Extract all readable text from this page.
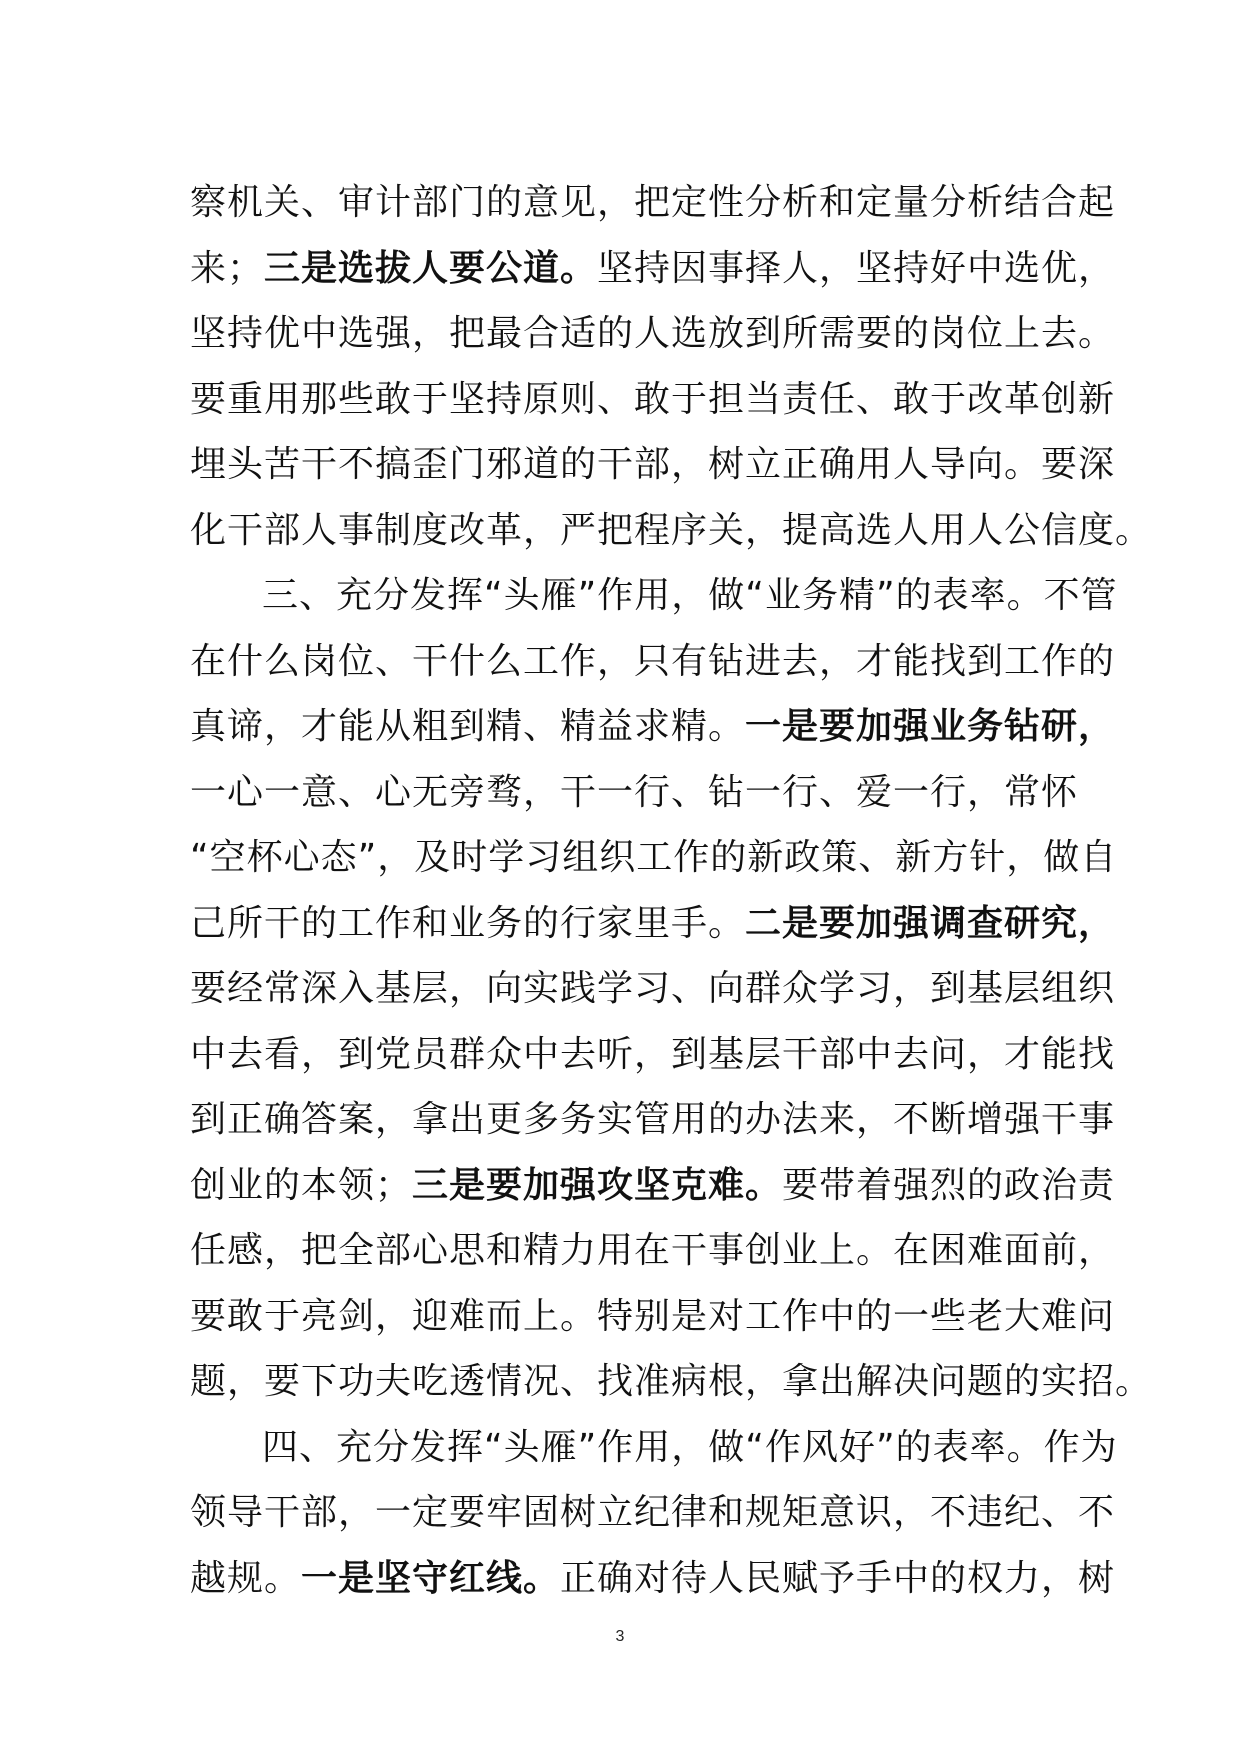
察机关、审计部门的意见，把定性分析和定量分析结合起
来；三是选拔人要公道。坚持因事择人，坚持好中选优，
坚持优中选强，把最合适的人选放到所需要的岗位上去。
要重用那些敢于坚持原则、敢于担当责任、敢于改革创新
埋头苦干不搞歪门邪道的干部，树立正确用人导向。要深
化干部人事制度改革，严把程序关，提高选人用人公信度。
三、充分发挥“头雁”作用，做“业务精”的表率。不管
在什么岗位、干什么工作，只有钻进去，才能找到工作的
真谛，才能从粗到精、精益求精。一是要加强业务钻研，
一心一意、心无旁骛，干一行、钻一行、爱一行，常怀
“空杯心态”，及时学习组织工作的新政策、新方针，做自
己所干的工作和业务的行家里手。二是要加强调查研究，
要经常深入基层，向实践学习、向群众学习，到基层组织
中去看，到党员群众中去听，到基层干部中去问，才能找
到正确答案，拿出更多务实管用的办法来，不断增强干事
创业的本领；三是要加强攻坚克难。要带着强烈的政治责
任感，把全部心思和精力用在干事创业上。在困难面前，
要敢于亮剑，迎难而上。特别是对工作中的一些老大难问
题，要下功夫吃透情况、找准病根，拿出解决问题的实招。
四、充分发挥“头雁”作用，做“作风好”的表率。作为
领导干部，一定要牢固树立纪律和规矩意识，不违纪、不
越规。一是坚守红线。正确对待人民赋予手中的权力，树
3
